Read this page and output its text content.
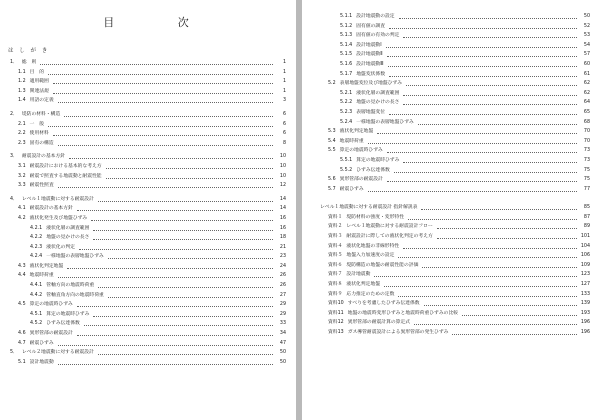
目 次
は し が き
1． 総　則	1
1.1 目　的	1
1.2 適用範囲	1
1.3 関連法規	1
1.4 用語の定義	3
2． 堤防の材料・構造	6
2.1 一　般	6
2.2 使用材料	6
2.3 固有の構造	8
3． 耐震設計の基本方針	10
3.1 耐震設計における基本的な考え方	10
3.2 耐震で照査する地震動と耐震性能	10
3.3 耐震性照査	12
4． レベル１地震動に対する耐震設計	14
4.1 耐震設計の基本方針	14
4.2 液状化発生及び地盤ひずみ	16
4.2.1 液状化層の調査範囲	16
4.2.2 地盤の見かけの長さ	18
4.2.3 液状化の判定	21
4.2.4 一様地盤の表層地盤ひずみ	23
4.3 液状化判定地盤	24
4.4 地震時荷重	26
4.4.1 管軸方向の地震時荷重	26
4.4.2 管軸直角方向の地震時荷重	27
4.5 算定の地震時ひずみ	29
4.5.1 算定の地震時ひずみ	29
4.5.2 ひずみ伝達係数	33
4.6 異形管部の耐震設計	34
4.7 耐震ひずみ	47
5． レベル２地震動に対する耐震設計	50
5.1 設計地震動	50
5.1.1 設計地震動の設定	50
5.1.2 固有値の調査	52
5.1.3 固有値の有効の判定	53
5.1.4 設計地震動Ⅰ	54
5.1.5 設計地震動Ⅱ	57
5.1.6 設計地震動Ⅲ	60
5.1.7 地盤変状係数	61
5.2 表層地盤変位及び地盤ひずみ	62
5.2.1 液状化層の調査範囲	62
5.2.2 地盤の見かけの長さ	64
5.2.3 表層地盤変位	65
5.2.4 一様地盤の表層地盤ひずみ	68
5.3 液状化判定地盤	70
5.4 地震時荷重	70
5.5 算定の地震時ひずみ	73
5.5.1 算定の地震時ひずみ	73
5.5.2 ひずみ伝達係数	75
5.6 異形管部の耐震設計	75
5.7 耐震ひずみ	77
レベル１地震動に対する耐震設計 指針解説表	85
資料１ 堤防材料の強度・変形特性	87
資料２ レベル１地震動に対する耐震設計フロー	89
資料３ 耐震設計に際しての液状化判定の考え方	101
資料４ 液状化地盤の非線形特性	104
資料５ 地盤入力加速度の設定	106
資料６ 堤防構造の地盤の耐震性能の評価	109
資料７ 設計地震動	123
資料８ 液状化判定地盤	127
資料９ 応力推定のための定数	133
資料10 すべりを考慮したひずみ伝達係数	139
資料11 地盤の地震時変形ひずみと地震時荷重ひずみの比較	193
資料12 異形管部の耐震計算の算定式	196
資料13 ガス導管耐震設計による異形管部の発生ひずみ	196
